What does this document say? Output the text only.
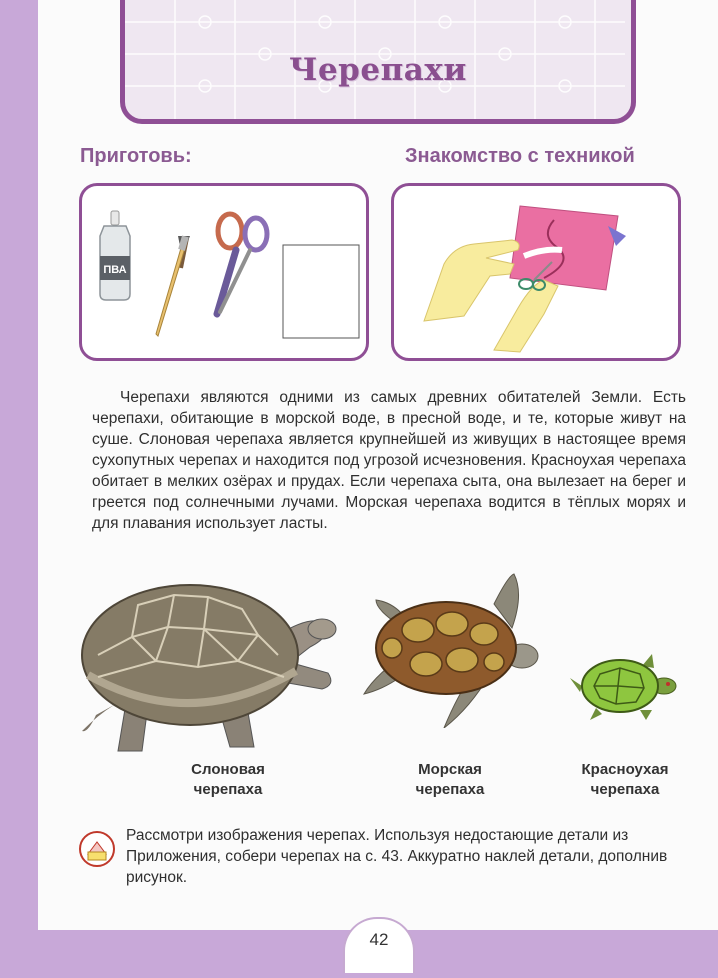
Черепахи
Приготовь:	Знакомство с техникой
ПВА

Черепахи являются одними из самых древних обитателей Земли. Есть черепахи, обитающие в морской воде, в пресной воде, и те, которые живут на суше. Слоновая черепаха является крупнейшей из живущих в настоящее время сухопутных черепах и находится под угрозой исчезновения. Красноухая черепаха обитает в мелких озёрах и прудах. Если черепаха сыта, она вылезает на берег и греется под солнечными лучами. Морская черепаха водится в тёплых морях и для плавания использует ласты.

Слоновая
черепаха
Морская
черепаха
Красноухая
черепаха
Рассмотри изображения черепах. Используя недостающие детали из Приложения, собери черепах на с. 43. Аккуратно наклей детали, дополнив рисунок.
42
